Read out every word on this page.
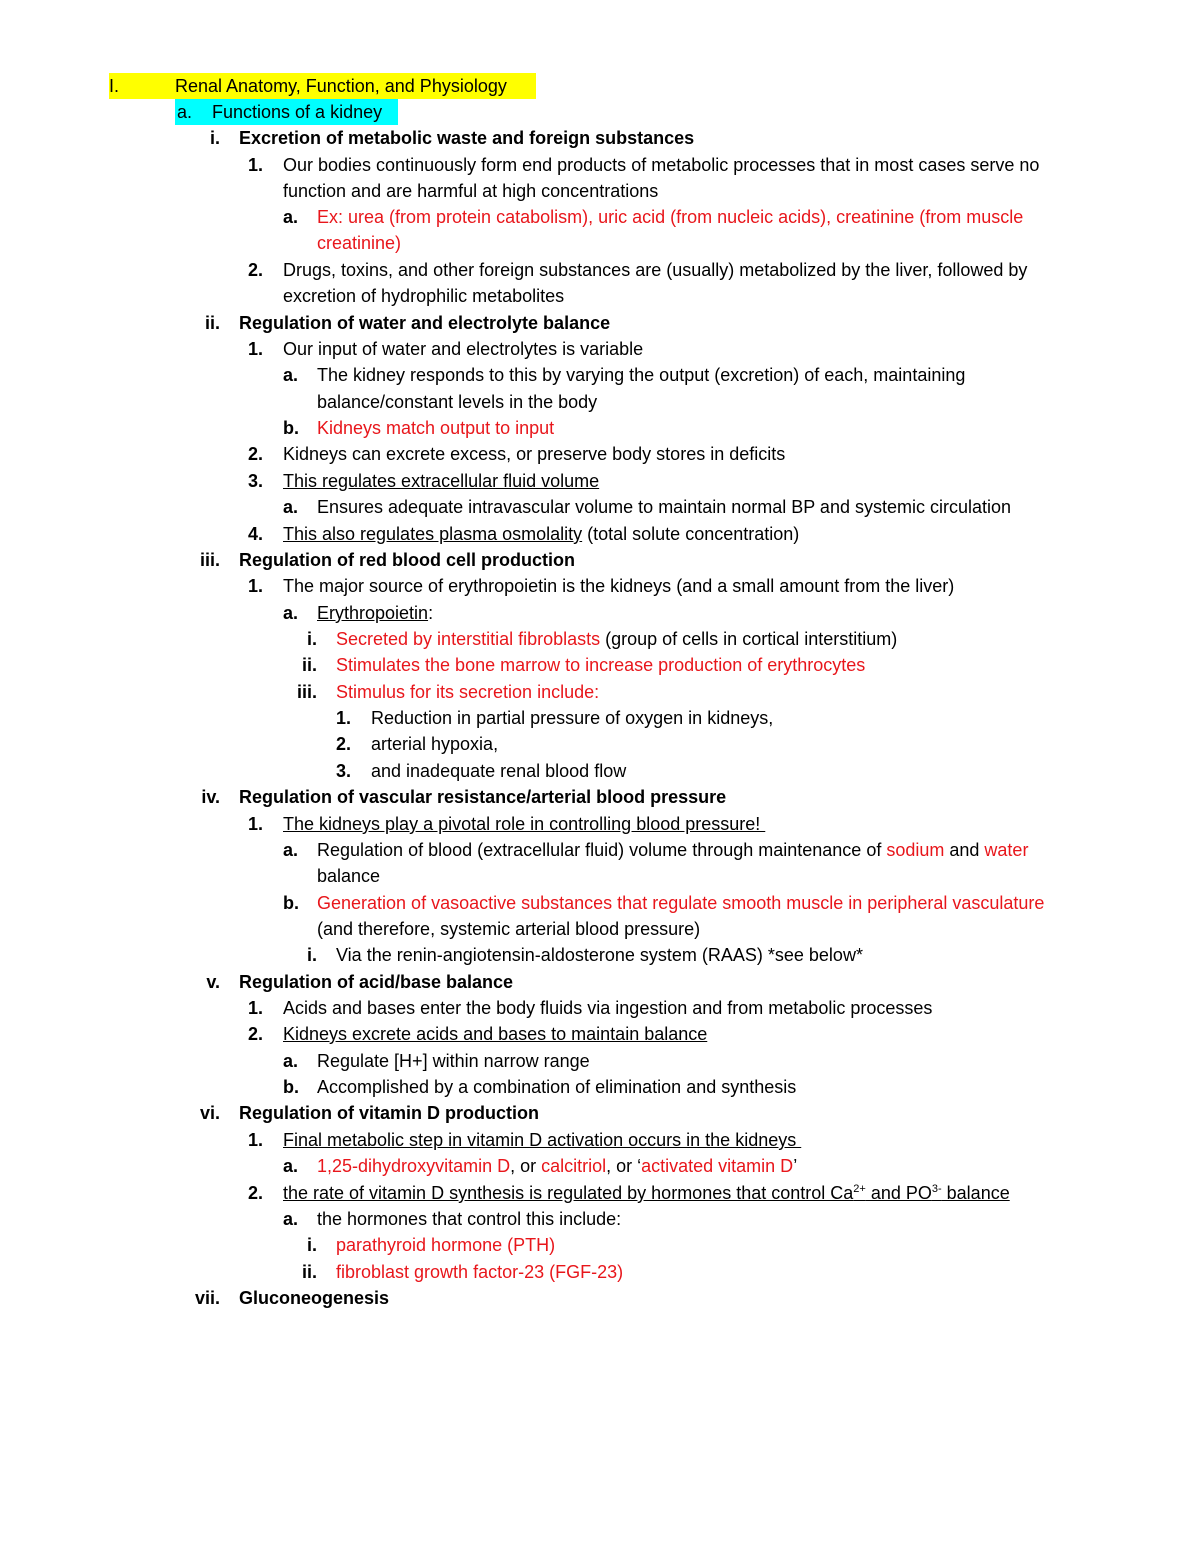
I.	Renal Anatomy, Function, and Physiology
a. Functions of a kidney
i. Excretion of metabolic waste and foreign substances
1. Our bodies continuously form end products of metabolic processes that in most cases serve no
function and are harmful at high concentrations
a. Ex: urea (from protein catabolism), uric acid (from nucleic acids), creatinine (from muscle
creatinine)
2. Drugs, toxins, and other foreign substances are (usually) metabolized by the liver, followed by
excretion of hydrophilic metabolites
ii. Regulation of water and electrolyte balance
1. Our input of water and electrolytes is variable
a. The kidney responds to this by varying the output (excretion) of each, maintaining
balance/constant levels in the body
b. Kidneys match output to input
2. Kidneys can excrete excess, or preserve body stores in deficits
3. This regulates extracellular fluid volume
a. Ensures adequate intravascular volume to maintain normal BP and systemic circulation
4. This also regulates plasma osmolality (total solute concentration)
iii. Regulation of red blood cell production
1. The major source of erythropoietin is the kidneys (and a small amount from the liver)
a. Erythropoietin:
i. Secreted by interstitial fibroblasts (group of cells in cortical interstitium)
ii. Stimulates the bone marrow to increase production of erythrocytes
iii. Stimulus for its secretion include:
1. Reduction in partial pressure of oxygen in kidneys,
2. arterial hypoxia,
3. and inadequate renal blood flow
iv. Regulation of vascular resistance/arterial blood pressure
1. The kidneys play a pivotal role in controlling blood pressure!
a. Regulation of blood (extracellular fluid) volume through maintenance of sodium and water
balance
b. Generation of vasoactive substances that regulate smooth muscle in peripheral vasculature
(and therefore, systemic arterial blood pressure)
i. Via the renin-angiotensin-aldosterone system (RAAS) *see below*
v. Regulation of acid/base balance
1. Acids and bases enter the body fluids via ingestion and from metabolic processes
2. Kidneys excrete acids and bases to maintain balance
a. Regulate [H+] within narrow range
b. Accomplished by a combination of elimination and synthesis
vi. Regulation of vitamin D production
1. Final metabolic step in vitamin D activation occurs in the kidneys
a. 1,25-dihydroxyvitamin D, or calcitriol, or ‘activated vitamin D’
2. the rate of vitamin D synthesis is regulated by hormones that control $Ca^{2+}$ and $PO^{3-}$ balance
a. the hormones that control this include:
i. parathyroid hormone (PTH)
ii. fibroblast growth factor-23 (FGF-23)
vii. Gluconeogenesis
